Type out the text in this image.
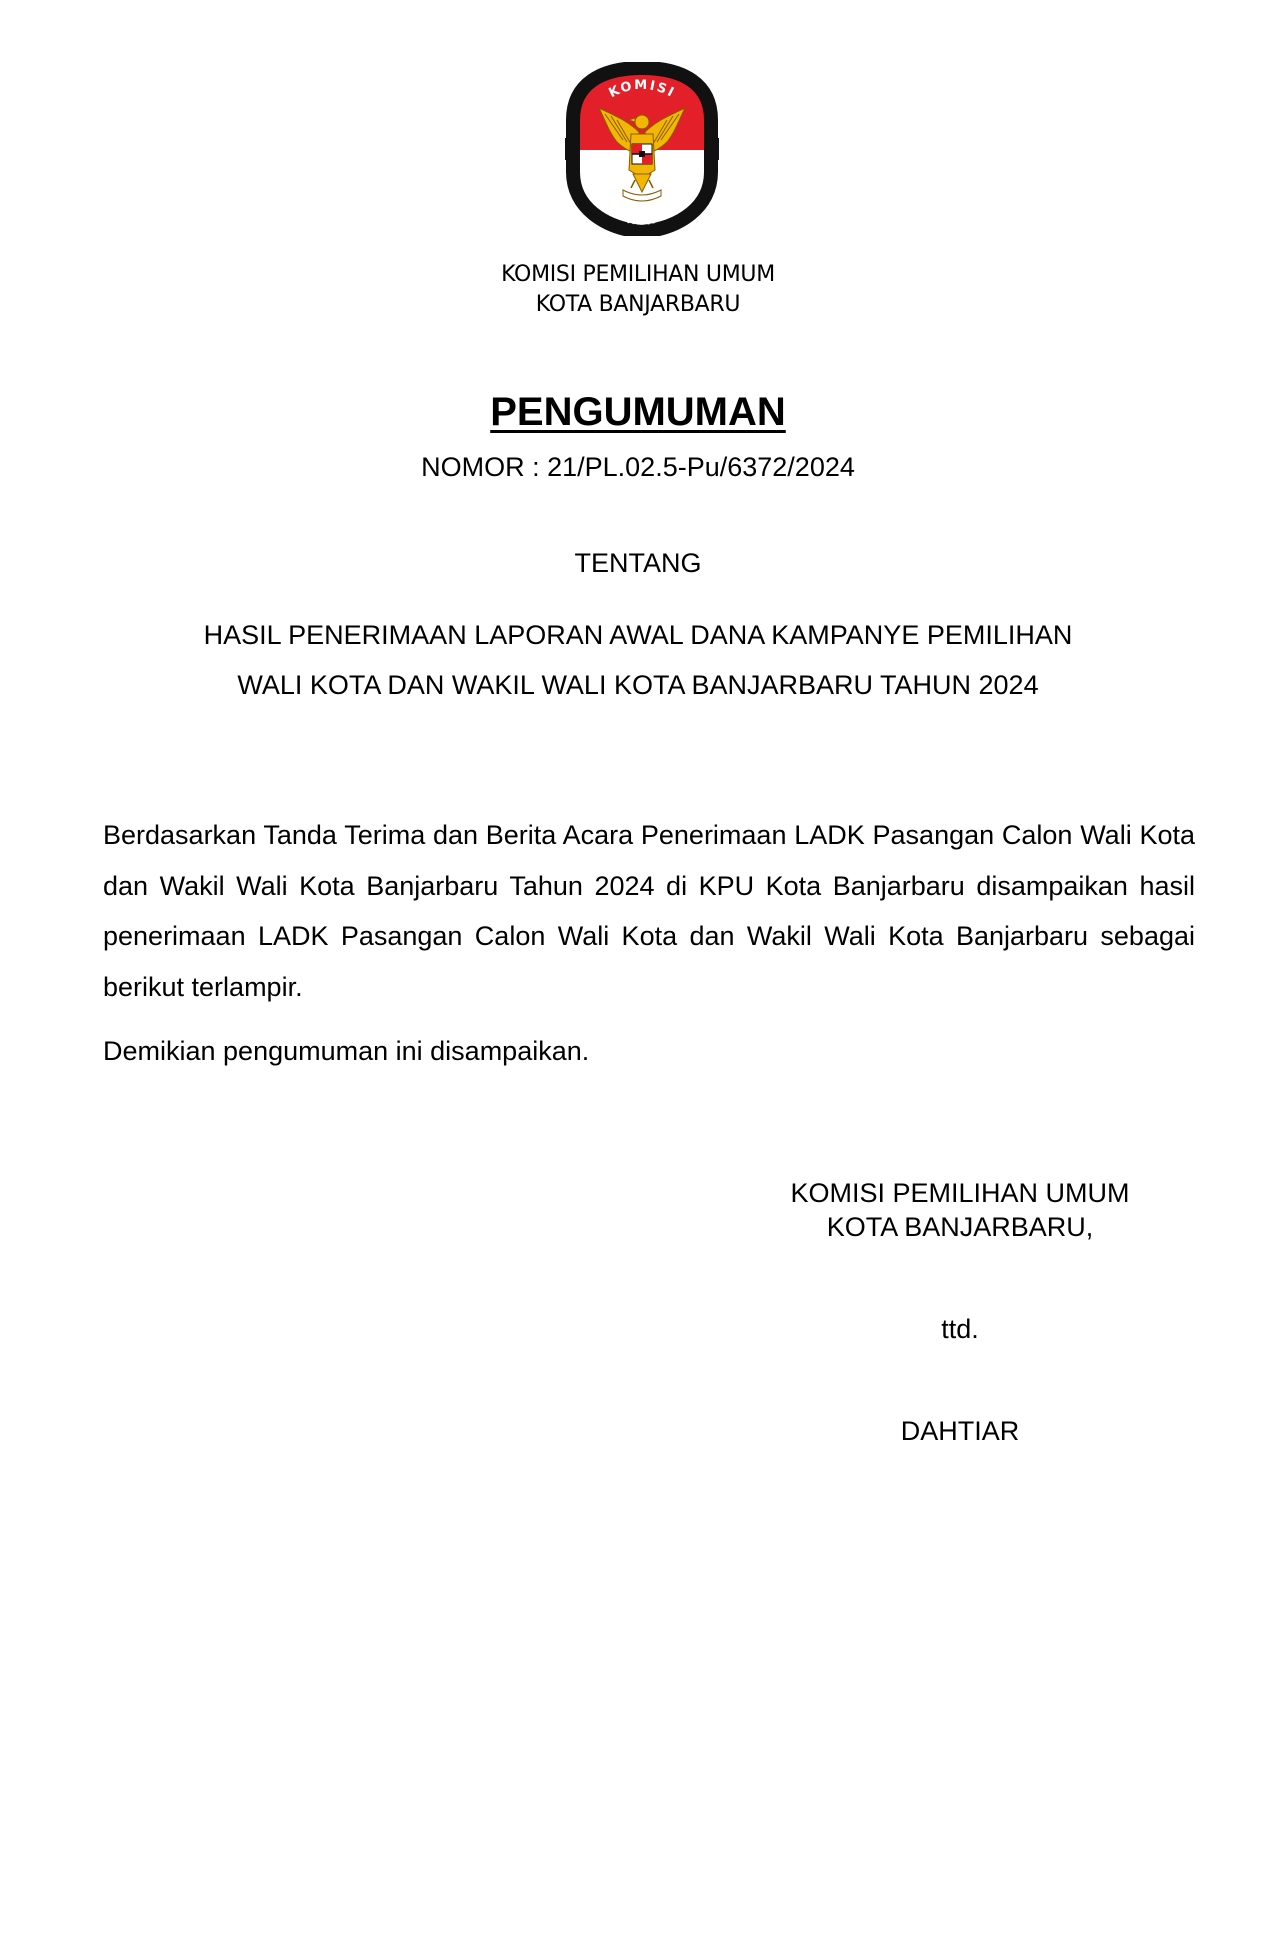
KOMISI
PEMILIHAN UMUM
KOMISI PEMILIHAN UMUM
KOTA BANJARBARU
PENGUMUMAN
NOMOR : 21/PL.02.5-Pu/6372/2024
TENTANG
HASIL PENERIMAAN LAPORAN AWAL DANA KAMPANYE PEMILIHAN
WALI KOTA DAN WAKIL WALI KOTA BANJARBARU TAHUN 2024
Berdasarkan Tanda Terima dan Berita Acara Penerimaan LADK Pasangan Calon Wali Kota dan Wakil Wali Kota Banjarbaru Tahun 2024 di KPU Kota Banjarbaru disampaikan hasil penerimaan LADK Pasangan Calon Wali Kota dan Wakil Wali Kota Banjarbaru sebagai berikut terlampir.
Demikian pengumuman ini disampaikan.
KOMISI PEMILIHAN UMUM
KOTA BANJARBARU,
ttd.
DAHTIAR
